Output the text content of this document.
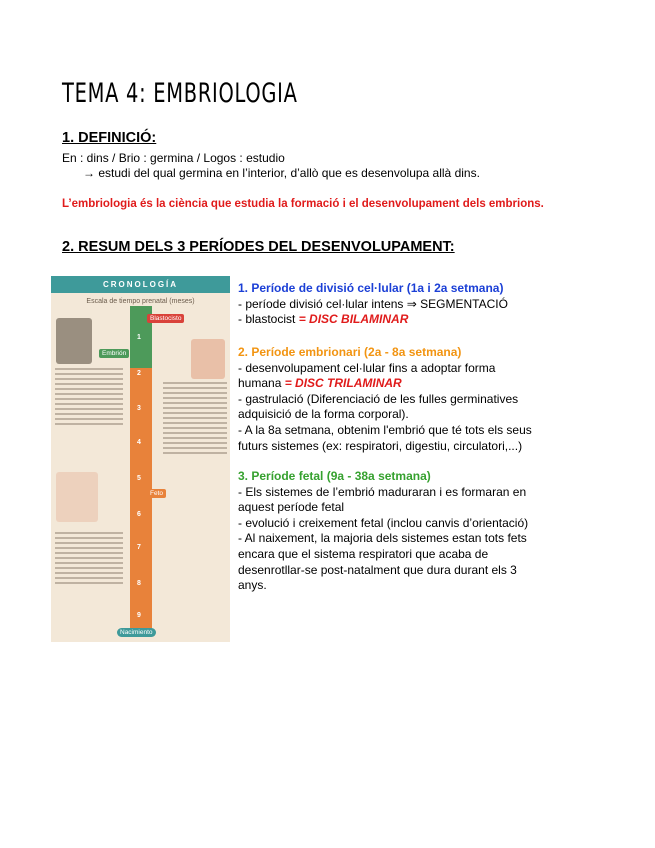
TEMA 4: EMBRIOLOGIA
1. DEFINICIÓ:
En : dins / Brio : germina / Logos : estudio
→ estudi del qual germina en l’interior, d’allò que es desenvolupa allà dins.
L’embriologia és la ciència que estudia la formació i el desenvolupament dels embrions.
2. RESUM DELS 3 PERÍODES DEL DESENVOLUPAMENT:
CRONOLOGÍA
Escala de tiempo prenatal (meses)
Blastocisto
Embrión
Feto
Nacimiento
1
2
3
4
5
6
7
8
9

1. Període de divisió cel·lular (1a i 2a setmana)

- període divisió cel·lular intens ⇒ SEGMENTACIÓ

- blastocist = DISC BILAMINAR

2. Període embrionari (2a - 8a setmana)

- desenvolupament cel·lular fins a adoptar forma

humana = DISC TRILAMINAR

- gastrulació (Diferenciació de les fulles germinatives

adquisició de la forma corporal).

- A la 8a setmana, obtenim l'embrió que té tots els seus

futurs sistemes (ex: respiratori, digestiu, circulatori,...)

3. Període fetal (9a - 38a setmana)

- Els sistemes de l’embrió maduraran i es formaran en

aquest període fetal

- evolució i creixement fetal (inclou canvis d’orientació)

- Al naixement, la majoria dels sistemes estan tots fets

encara que el sistema respiratori que acaba de

desenrotllar-se post-natalment que dura durant els 3

anys.
